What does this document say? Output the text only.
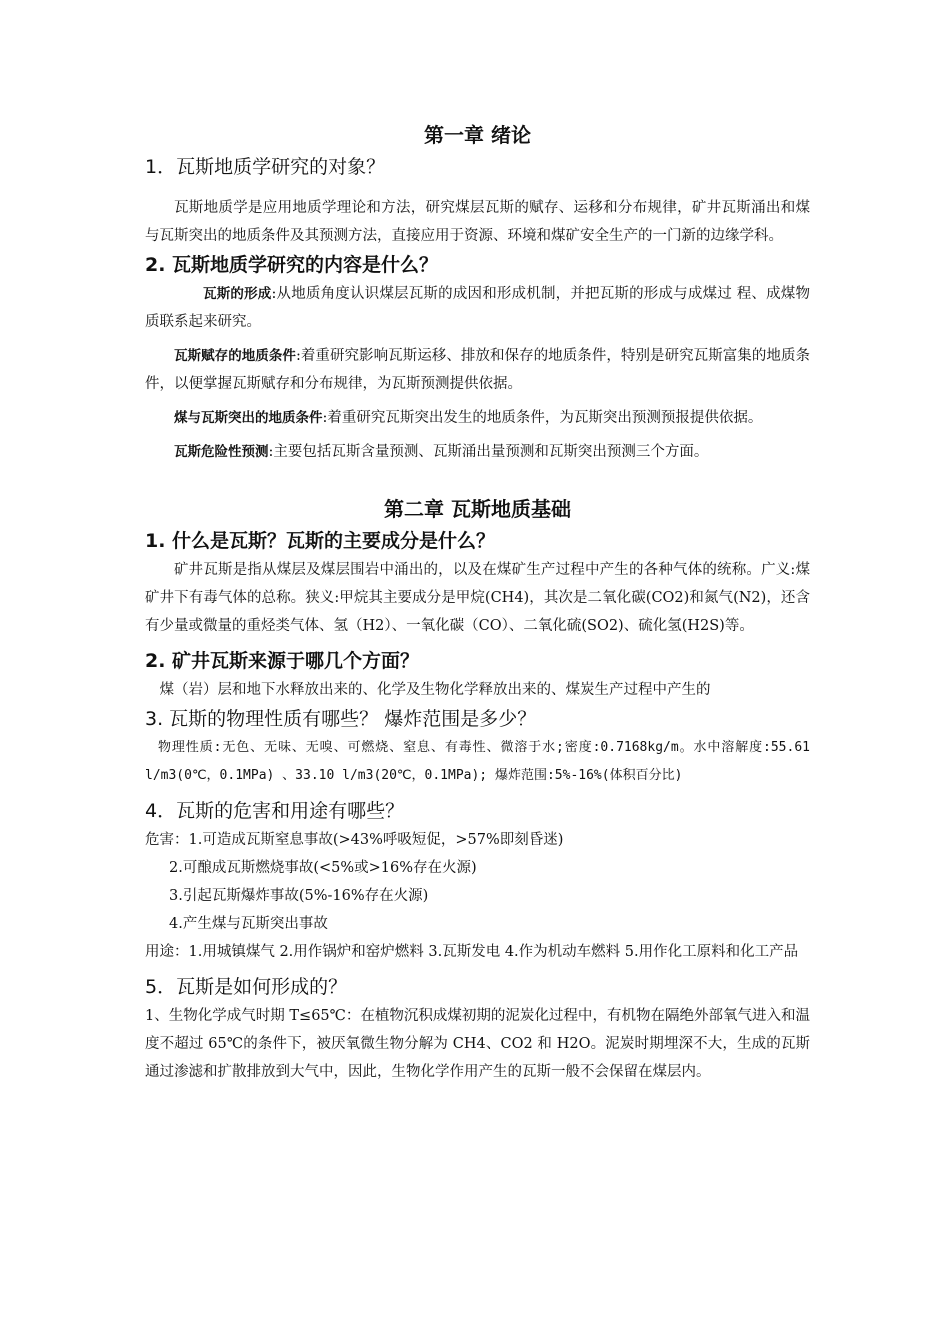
第一章 绪论

1．瓦斯地质学研究的对象？

瓦斯地质学是应用地质学理论和方法，研究煤层瓦斯的赋存、运移和分布规律，矿井瓦斯涌出和煤与瓦斯突出的地质条件及其预测方法，直接应用于资源、环境和煤矿安全生产的一门新的边缘学科。

2. 瓦斯地质学研究的内容是什么？

瓦斯的形成:从地质角度认识煤层瓦斯的成因和形成机制，并把瓦斯的形成与成煤过 程、成煤物质联系起来研究。

瓦斯赋存的地质条件:着重研究影响瓦斯运移、排放和保存的地质条件，特别是研究瓦斯富集的地质条件，以便掌握瓦斯赋存和分布规律，为瓦斯预测提供依据。

煤与瓦斯突出的地质条件:着重研究瓦斯突出发生的地质条件，为瓦斯突出预测预报提供依据。

瓦斯危险性预测:主要包括瓦斯含量预测、瓦斯涌出量预测和瓦斯突出预测三个方面。

第二章 瓦斯地质基础

1. 什么是瓦斯？瓦斯的主要成分是什么？

矿井瓦斯是指从煤层及煤层围岩中涌出的，以及在煤矿生产过程中产生的各种气体的统称。广义:煤矿井下有毒气体的总称。狭义:甲烷其主要成分是甲烷(CH4)，其次是二氧化碳(CO2)和氮气(N2)，还含有少量或微量的重烃类气体、氢（H2）、一氧化碳（CO）、二氧化硫(SO2)、硫化氢(H2S)等。

2. 矿井瓦斯来源于哪几个方面？

煤（岩）层和地下水释放出来的、化学及生物化学释放出来的、煤炭生产过程中产生的

3. 瓦斯的物理性质有哪些？ 爆炸范围是多少？

物理性质:无色、无味、无嗅、可燃烧、窒息、有毒性、微溶于水;密度:0.7168kg/m。水中溶解度:55.61 l/m3(0℃，0.1MPa) 、33.10 l/m3(20℃，0.1MPa); 爆炸范围:5%-16%(体积百分比)

4．瓦斯的危害和用途有哪些？

危害：1.可造成瓦斯窒息事故(>43%呼吸短促，>57%即刻昏迷)

2.可酿成瓦斯燃烧事故(<5%或>16%存在火源)

3.引起瓦斯爆炸事故(5%-16%存在火源)

4.产生煤与瓦斯突出事故

用途：1.用城镇煤气 2.用作锅炉和窑炉燃料 3.瓦斯发电 4.作为机动车燃料 5.用作化工原料和化工产品

5．瓦斯是如何形成的？

1、生物化学成气时期 T≤65℃：在植物沉积成煤初期的泥炭化过程中，有机物在隔绝外部氧气进入和温度不超过 65℃的条件下，被厌氧微生物分解为 CH4、CO2 和 H2O。泥炭时期埋深不大，生成的瓦斯通过渗滤和扩散排放到大气中，因此，生物化学作用产生的瓦斯一般不会保留在煤层内。
